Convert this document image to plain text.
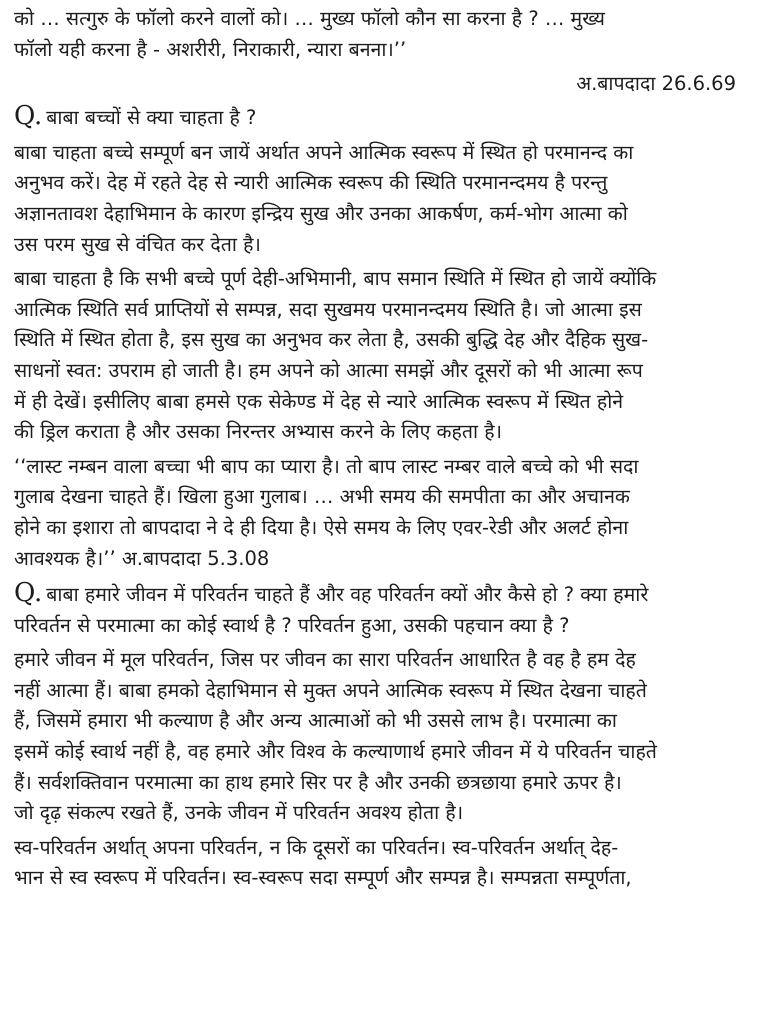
को … सत्गुरु के फॉलो करने वालों को। … मुख्य फॉलो कौन सा करना है ? … मुख्य
फॉलो यही करना है - अशरीरी, निराकारी, न्यारा बनना।’’

अ.बापदादा 26.6.69
Q. बाबा बच्चों से क्या चाहता है ?

बाबा चाहता बच्चे सम्पूर्ण बन जायें अर्थात अपने आत्मिक स्वरूप में स्थित हो परमानन्द का
अनुभव करें। देह में रहते देह से न्यारी आत्मिक स्वरूप की स्थिति परमानन्दमय है परन्तु
अज्ञानतावश देहाभिमान के कारण इन्द्रिय सुख और उनका आकर्षण, कर्म-भोग आत्मा को
उस परम सुख से वंचित कर देता है।

बाबा चाहता है कि सभी बच्चे पूर्ण देही-अभिमानी, बाप समान स्थिति में स्थित हो जायें क्योंकि
आत्मिक स्थिति सर्व प्राप्तियों से सम्पन्न, सदा सुखमय परमानन्दमय स्थिति है। जो आत्मा इस
स्थिति में स्थित होता है, इस सुख का अनुभव कर लेता है, उसकी बुद्धि देह और दैहिक सुख-
साधनों स्वत: उपराम हो जाती है। हम अपने को आत्मा समझें और दूसरों को भी आत्मा रूप
में ही देखें। इसीलिए बाबा हमसे एक सेकेण्ड में देह से न्यारे आत्मिक स्वरूप में स्थित होने
की ड्रिल कराता है और उसका निरन्तर अभ्यास करने के लिए कहता है।

‘‘लास्ट नम्बन वाला बच्चा भी बाप का प्यारा है। तो बाप लास्ट नम्बर वाले बच्चे को भी सदा
गुलाब देखना चाहते हैं। खिला हुआ गुलाब। … अभी समय की समपीता का और अचानक
होने का इशारा तो बापदादा ने दे ही दिया है। ऐसे समय के लिए एवर-रेडी और अलर्ट होना
आवश्यक है।’’ अ.बापदादा 5.3.08

Q. बाबा हमारे जीवन में परिवर्तन चाहते हैं और वह परिवर्तन क्यों और कैसे हो ? क्या हमारे
परिवर्तन से परमात्मा का कोई स्वार्थ है ? परिवर्तन हुआ, उसकी पहचान क्या है ?

हमारे जीवन में मूल परिवर्तन, जिस पर जीवन का सारा परिवर्तन आधारित है वह है हम देह
नहीं आत्मा हैं। बाबा हमको देहाभिमान से मुक्त अपने आत्मिक स्वरूप में स्थित देखना चाहते
हैं, जिसमें हमारा भी कल्याण है और अन्य आत्माओं को भी उससे लाभ है। परमात्मा का
इसमें कोई स्वार्थ नहीं है, वह हमारे और विश्व के कल्याणार्थ हमारे जीवन में ये परिवर्तन चाहते
हैं। सर्वशक्तिवान परमात्मा का हाथ हमारे सिर पर है और उनकी छत्रछाया हमारे ऊपर है।
जो दृढ़ संकल्प रखते हैं, उनके जीवन में परिवर्तन अवश्य होता है।

स्व-परिवर्तन अर्थात् अपना परिवर्तन, न कि दूसरों का परिवर्तन। स्व-परिवर्तन अर्थात् देह-
भान से स्व स्वरूप में परिवर्तन। स्व-स्वरूप सदा सम्पूर्ण और सम्पन्न है। सम्पन्नता सम्पूर्णता,
